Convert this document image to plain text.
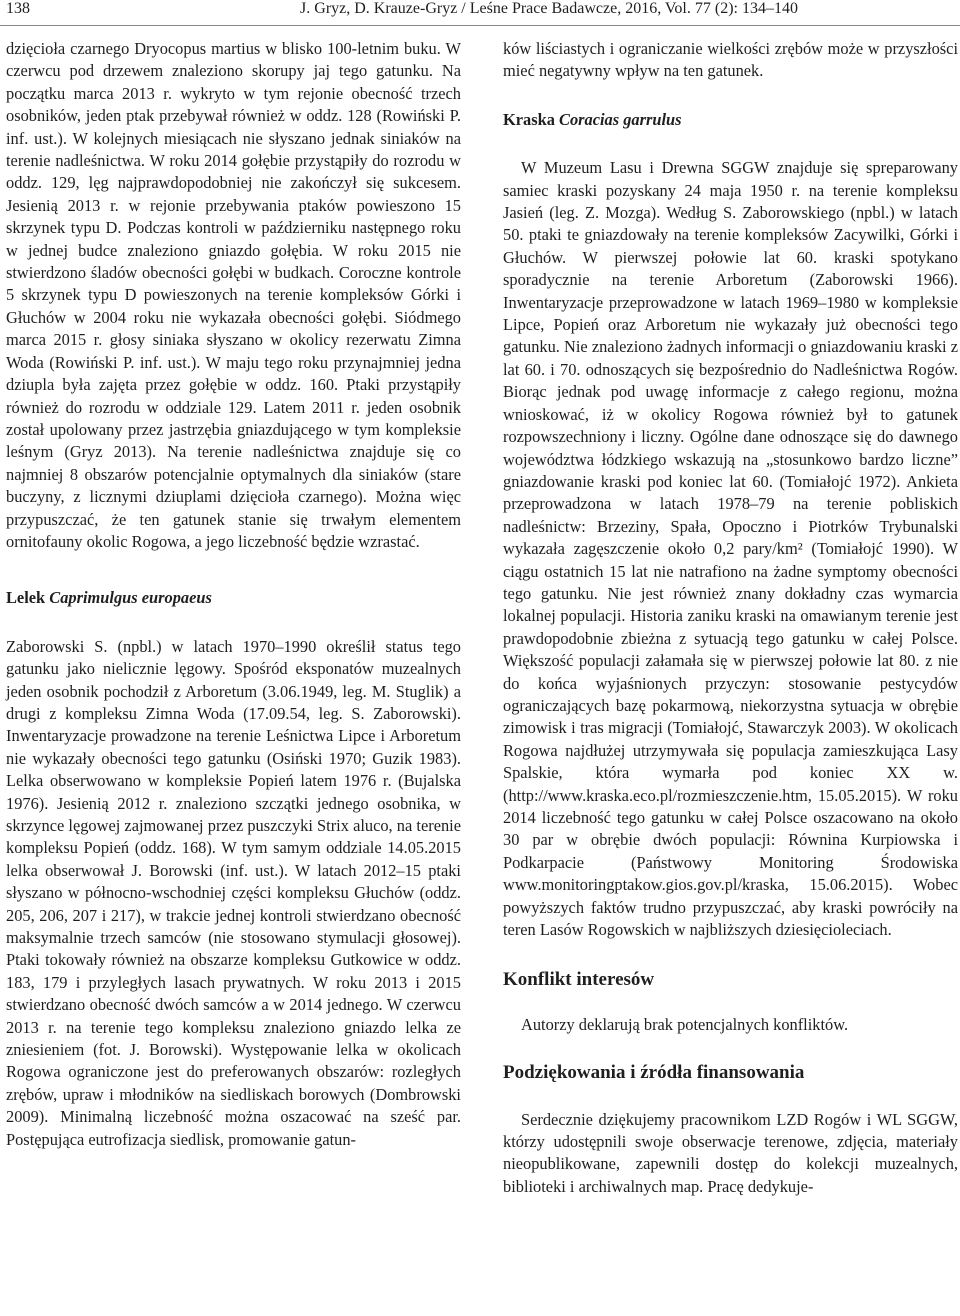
138	J. Gryz, D. Krauze-Gryz / Leśne Prace Badawcze, 2016, Vol. 77 (2): 134–140

dzięcioła czarnego Dryocopus martius w blisko 100-letnim buku. W czerwcu pod drzewem znaleziono skorupy jaj tego gatunku. Na początku marca 2013 r. wykryto w tym rejonie obecność trzech osobników, jeden ptak przebywał również w oddz. 128 (Rowiński P. inf. ust.). W kolejnych miesiącach nie słyszano jednak siniaków na terenie nadleśnictwa. W roku 2014 gołębie przystąpiły do rozrodu w oddz. 129, lęg najprawdopodobniej nie zakończył się sukcesem. Jesienią 2013 r. w rejonie przebywania ptaków powieszono 15 skrzynek typu D. Podczas kontroli w październiku następnego roku w jednej budce znaleziono gniazdo gołębia. W roku 2015 nie stwierdzono śladów obecności gołębi w budkach. Coroczne kontrole 5 skrzynek typu D powieszonych na terenie kompleksów Górki i Głuchów w 2004 roku nie wykazała obecności gołębi. Siódmego marca 2015 r. głosy siniaka słyszano w okolicy rezerwatu Zimna Woda (Rowiński P. inf. ust.). W maju tego roku przynajmniej jedna dziupla była zajęta przez gołębie w oddz. 160. Ptaki przystąpiły również do rozrodu w oddziale 129. Latem 2011 r. jeden osobnik został upolowany przez jastrzębia gniazdującego w tym kompleksie leśnym (Gryz 2013). Na terenie nadleśnictwa znajduje się co najmniej 8 obszarów potencjalnie optymalnych dla siniaków (stare buczyny, z licznymi dziuplami dzięcioła czarnego). Można więc przypuszczać, że ten gatunek stanie się trwałym elementem ornitofauny okolic Rogowa, a jego liczebność będzie wzrastać.

Lelek Caprimulgus europaeus

Zaborowski S. (npbl.) w latach 1970–1990 określił status tego gatunku jako nielicznie lęgowy. Spośród eksponatów muzealnych jeden osobnik pochodził z Arboretum (3.06.1949, leg. M. Stuglik) a drugi z kompleksu Zimna Woda (17.09.54, leg. S. Zaborowski). Inwentaryzacje prowadzone na terenie Leśnictwa Lipce i Arboretum nie wykazały obecności tego gatunku (Osiński 1970; Guzik 1983). Lelka obserwowano w kompleksie Popień latem 1976 r. (Bujalska 1976). Jesienią 2012 r. znaleziono szczątki jednego osobnika, w skrzynce lęgowej zajmowanej przez puszczyki Strix aluco, na terenie kompleksu Popień (oddz. 168). W tym samym oddziale 14.05.2015 lelka obserwował J. Borowski (inf. ust.). W latach 2012–15 ptaki słyszano w północno-wschodniej części kompleksu Głuchów (oddz. 205, 206, 207 i 217), w trakcie jednej kontroli stwierdzano obecność maksymalnie trzech samców (nie stosowano stymulacji głosowej). Ptaki tokowały również na obszarze kompleksu Gutkowice w oddz. 183, 179 i przyległych lasach prywatnych. W roku 2013 i 2015 stwierdzano obecność dwóch samców a w 2014 jednego. W czerwcu 2013 r. na terenie tego kompleksu znaleziono gniazdo lelka ze zniesieniem (fot. J. Borowski). Występowanie lelka w okolicach Rogowa ograniczone jest do preferowanych obszarów: rozległych zrębów, upraw i młodników na siedliskach borowych (Dombrowski 2009). Minimalną liczebność można oszacować na sześć par. Postępująca eutrofizacja siedlisk, promowanie gatun-

ków liściastych i ograniczanie wielkości zrębów może w przyszłości mieć negatywny wpływ na ten gatunek.

Kraska Coracias garrulus

W Muzeum Lasu i Drewna SGGW znajduje się spreparowany samiec kraski pozyskany 24 maja 1950 r. na terenie kompleksu Jasień (leg. Z. Mozga). Według S. Zaborowskiego (npbl.) w latach 50. ptaki te gniazdowały na terenie kompleksów Zacywilki, Górki i Głuchów. W pierwszej połowie lat 60. kraski spotykano sporadycznie na terenie Arboretum (Zaborowski 1966). Inwentaryzacje przeprowadzone w latach 1969–1980 w kompleksie Lipce, Popień oraz Arboretum nie wykazały już obecności tego gatunku. Nie znaleziono żadnych informacji o gniazdowaniu kraski z lat 60. i 70. odnoszących się bezpośrednio do Nadleśnictwa Rogów. Biorąc jednak pod uwagę informacje z całego regionu, można wnioskować, iż w okolicy Rogowa również był to gatunek rozpowszechniony i liczny. Ogólne dane odnoszące się do dawnego województwa łódzkiego wskazują na „stosunkowo bardzo liczne” gniazdowanie kraski pod koniec lat 60. (Tomiałojć 1972). Ankieta przeprowadzona w latach 1978–79 na terenie pobliskich nadleśnictw: Brzeziny, Spała, Opoczno i Piotrków Trybunalski wykazała zagęszczenie około 0,2 pary/km² (Tomiałojć 1990). W ciągu ostatnich 15 lat nie natrafiono na żadne symptomy obecności tego gatunku. Nie jest również znany dokładny czas wymarcia lokalnej populacji. Historia zaniku kraski na omawianym terenie jest prawdopodobnie zbieżna z sytuacją tego gatunku w całej Polsce. Większość populacji załamała się w pierwszej połowie lat 80. z nie do końca wyjaśnionych przyczyn: stosowanie pestycydów ograniczających bazę pokarmową, niekorzystna sytuacja w obrębie zimowisk i tras migracji (Tomiałojć, Stawarczyk 2003). W okolicach Rogowa najdłużej utrzymywała się populacja zamieszkująca Lasy Spalskie, która wymarła pod koniec XX w. (http://www.kraska.eco.pl/rozmieszczenie.htm, 15.05.2015). W roku 2014 liczebność tego gatunku w całej Polsce oszacowano na około 30 par w obrębie dwóch populacji: Równina Kurpiowska i Podkarpacie (Państwowy Monitoring Środowiska www.monitoringptakow.gios.gov.pl/kraska, 15.06.2015). Wobec powyższych faktów trudno przypuszczać, aby kraski powróciły na teren Lasów Rogowskich w najbliższych dziesięcioleciach.

Konflikt interesów

Autorzy deklarują brak potencjalnych konfliktów.

Podziękowania i źródła finansowania

Serdecznie dziękujemy pracownikom LZD Rogów i WL SGGW, którzy udostępnili swoje obserwacje terenowe, zdjęcia, materiały nieopublikowane, zapewnili dostęp do kolekcji muzealnych, biblioteki i archiwalnych map. Pracę dedykuje-
